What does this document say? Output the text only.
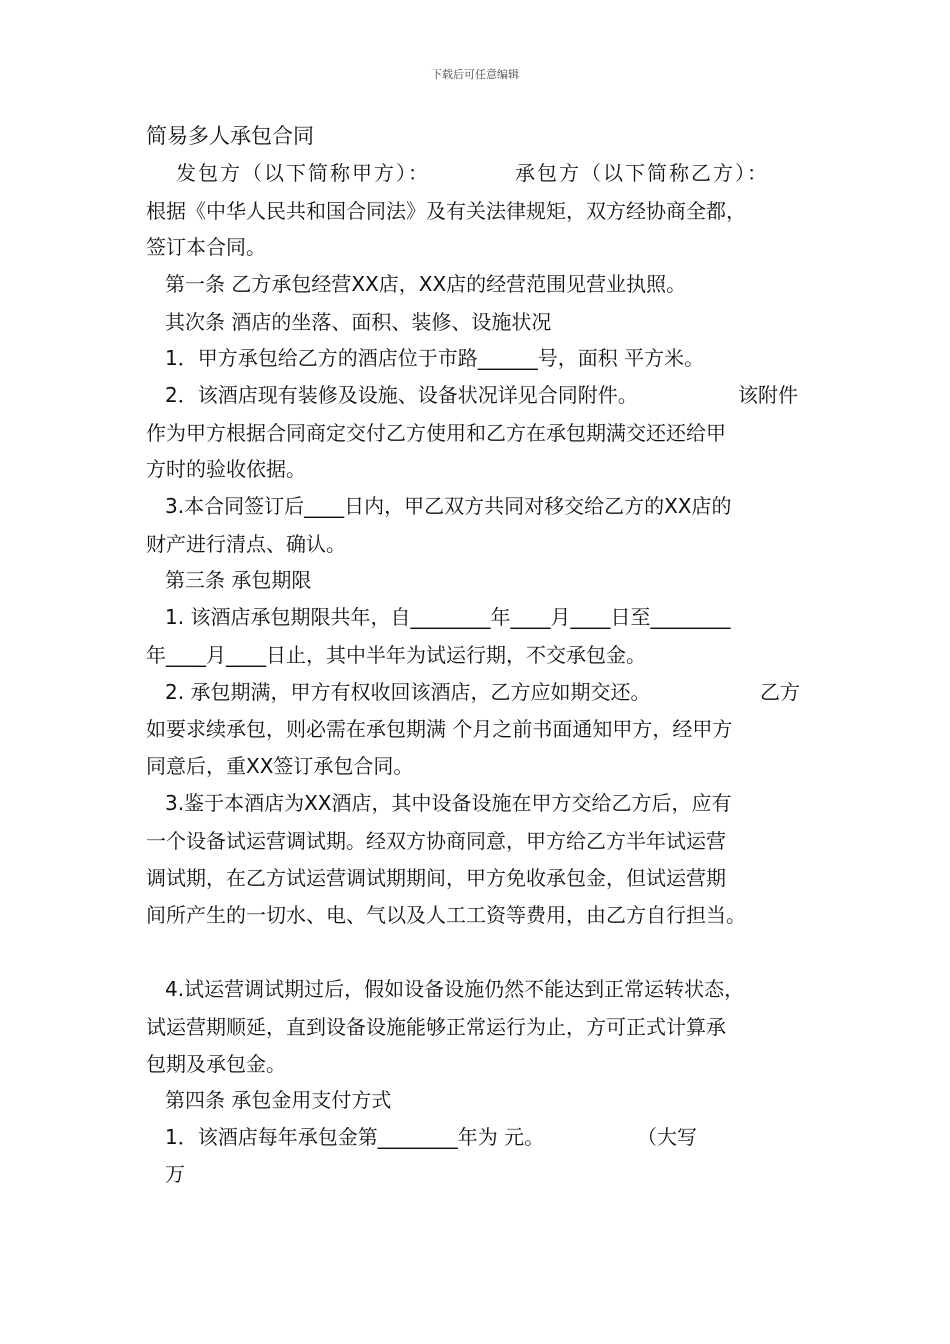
下载后可任意编辑
简易多人承包合同
发包方（以下简称甲方）：	承包方（以下简称乙方）：
根据《中华人民共和国合同法》及有关法律规矩，双方经协商全都，
签订本合同。
第一条 乙方承包经营XX店，XX店的经营范围见营业执照。
其次条 酒店的坐落、面积、装修、设施状况
1．甲方承包给乙方的酒店位于市路______号，面积 平方米。
2．该酒店现有装修及设施、设备状况详见合同附件。	该附件
作为甲方根据合同商定交付乙方使用和乙方在承包期满交还还给甲
方时的验收依据。
3.本合同签订后____日内，甲乙双方共同对移交给乙方的XX店的
财产进行清点、确认。
第三条 承包期限
1. 该酒店承包期限共年，自________年____月____日至________
年____月____日止，其中半年为试运行期，不交承包金。
2. 承包期满，甲方有权收回该酒店，乙方应如期交还。	乙方
如要求续承包，则必需在承包期满 个月之前书面通知甲方，经甲方
同意后，重XX签订承包合同。
3.鉴于本酒店为XX酒店，其中设备设施在甲方交给乙方后，应有
一个设备试运营调试期。经双方协商同意，甲方给乙方半年试运营
调试期，在乙方试运营调试期期间，甲方免收承包金，但试运营期
间所产生的一切水、电、气以及人工工资等费用，由乙方自行担当。
4.试运营调试期过后，假如设备设施仍然不能达到正常运转状态，
试运营期顺延，直到设备设施能够正常运行为止，方可正式计算承
包期及承包金。
第四条 承包金用支付方式
1．该酒店每年承包金第________年为 元。	（大写
万
